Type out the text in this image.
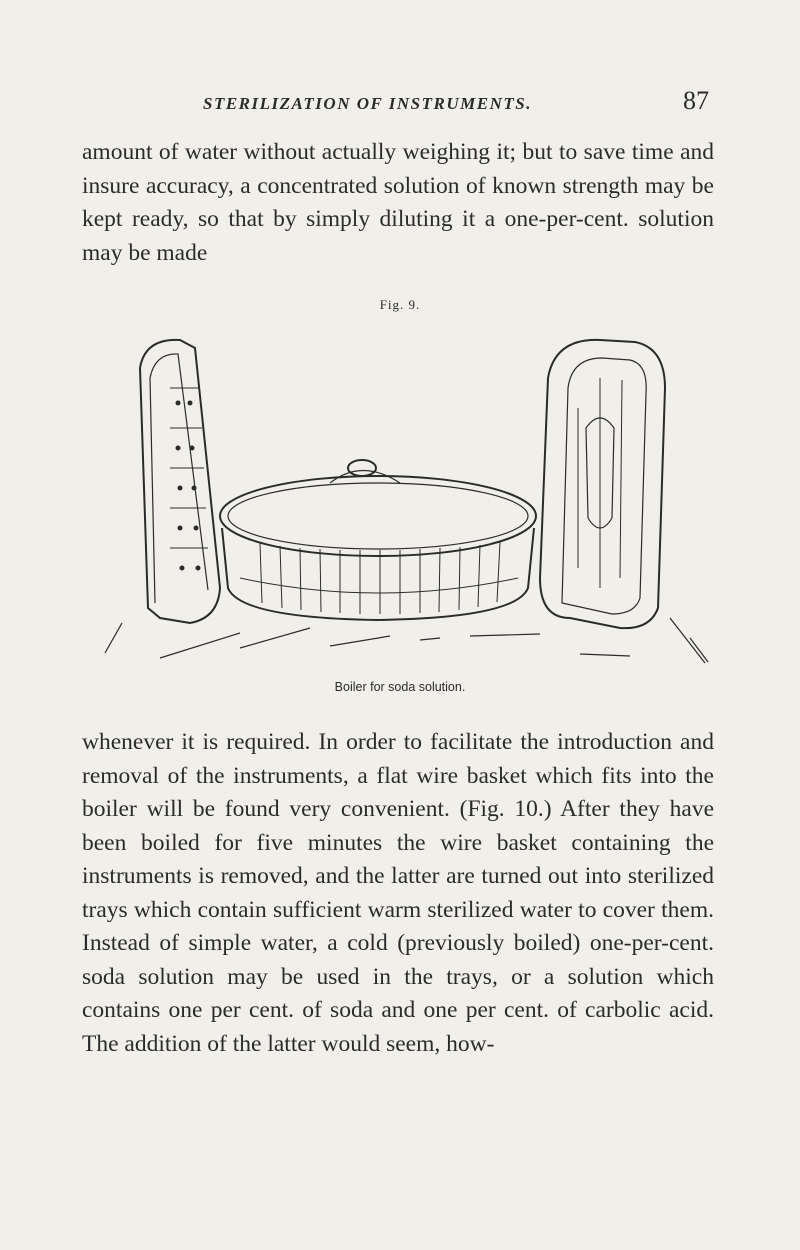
STERILIZATION OF INSTRUMENTS.	87

amount of water without actually weighing it; but to save time and insure accuracy, a concentrated solution of known strength may be kept ready, so that by simply diluting it a one-per-cent. solution may be made

Fig. 9.
Boiler for soda solution.

whenever it is required. In order to facilitate the introduction and removal of the instruments, a flat wire basket which fits into the boiler will be found very convenient. (Fig. 10.) After they have been boiled for five minutes the wire basket containing the instruments is removed, and the latter are turned out into sterilized trays which contain sufficient warm sterilized water to cover them. Instead of simple water, a cold (previously boiled) one-per-cent. soda solution may be used in the trays, or a solution which contains one per cent. of soda and one per cent. of carbolic acid. The addition of the latter would seem, how-
